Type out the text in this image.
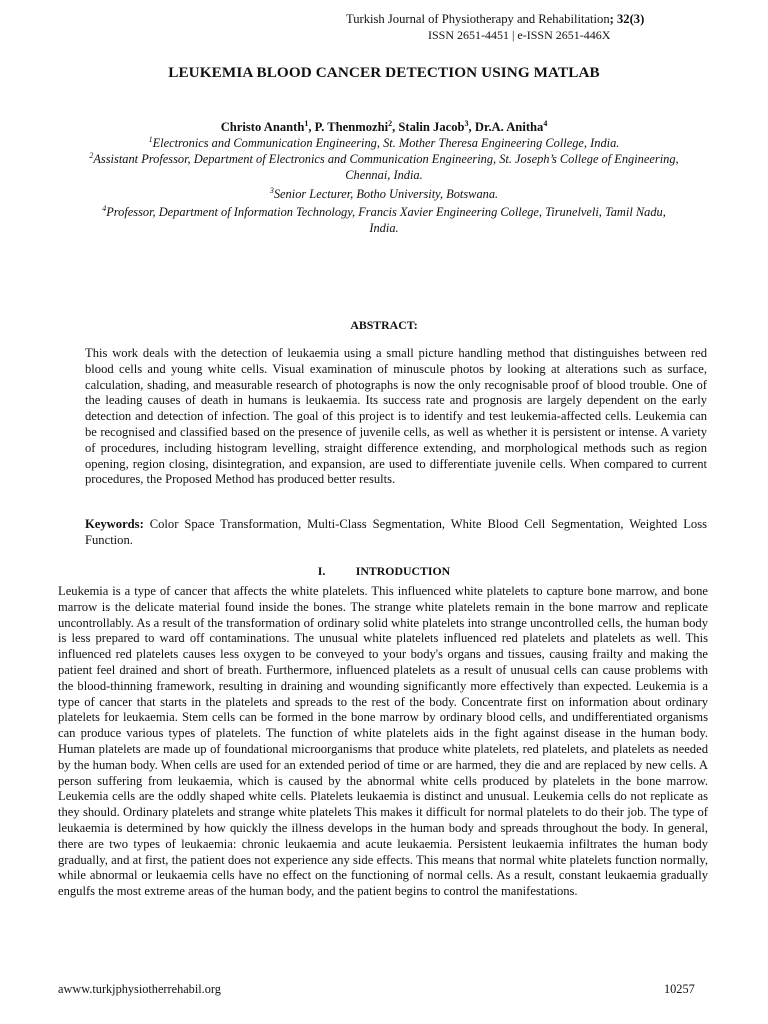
Turkish Journal of Physiotherapy and Rehabilitation; 32(3)
ISSN 2651-4451 | e-ISSN 2651-446X
LEUKEMIA BLOOD CANCER DETECTION USING MATLAB
Christo Ananth$^1$, P. Thenmozhi$^2$, Stalin Jacob$^3$, Dr.A. Anitha$^4$
$^1$Electronics and Communication Engineering, St. Mother Theresa Engineering College, India.
$^2$Assistant Professor, Department of Electronics and Communication Engineering, St. Joseph’s College of Engineering, Chennai, India.
$^3$Senior Lecturer, Botho University, Botswana.
$^4$Professor, Department of Information Technology, Francis Xavier Engineering College, Tirunelveli, Tamil Nadu, India.
ABSTRACT:
This work deals with the detection of leukaemia using a small picture handling method that distinguishes between red blood cells and young white cells. Visual examination of minuscule photos by looking at alterations such as surface, calculation, shading, and measurable research of photographs is now the only recognisable proof of blood trouble. One of the leading causes of death in humans is leukaemia. Its success rate and prognosis are largely dependent on the early detection and detection of infection. The goal of this project is to identify and test leukemia-affected cells. Leukemia can be recognised and classified based on the presence of juvenile cells, as well as whether it is persistent or intense. A variety of procedures, including histogram levelling, straight difference extending, and morphological methods such as region opening, region closing, disintegration, and expansion, are used to differentiate juvenile cells. When compared to current procedures, the Proposed Method has produced better results.
Keywords: Color Space Transformation, Multi-Class Segmentation, White Blood Cell Segmentation, Weighted Loss Function.
I.	INTRODUCTION
Leukemia is a type of cancer that affects the white platelets. This influenced white platelets to capture bone marrow, and bone marrow is the delicate material found inside the bones. The strange white platelets remain in the bone marrow and replicate uncontrollably. As a result of the transformation of ordinary solid white platelets into strange uncontrolled cells, the human body is less prepared to ward off contaminations. The unusual white platelets influenced red platelets and platelets as well. This influenced red platelets causes less oxygen to be conveyed to your body's organs and tissues, causing frailty and making the patient feel drained and short of breath. Furthermore, influenced platelets as a result of unusual cells can cause problems with the blood-thinning framework, resulting in draining and wounding significantly more effectively than expected. Leukemia is a type of cancer that starts in the platelets and spreads to the rest of the body. Concentrate first on information about ordinary platelets for leukaemia. Stem cells can be formed in the bone marrow by ordinary blood cells, and undifferentiated organisms can produce various types of platelets. The function of white platelets aids in the fight against disease in the human body. Human platelets are made up of foundational microorganisms that produce white platelets, red platelets, and platelets as needed by the human body. When cells are used for an extended period of time or are harmed, they die and are replaced by new cells. A person suffering from leukaemia, which is caused by the abnormal white cells produced by platelets in the bone marrow. Leukemia cells are the oddly shaped white cells. Platelets leukaemia is distinct and unusual. Leukemia cells do not replicate as they should. Ordinary platelets and strange white platelets This makes it difficult for normal platelets to do their job. The type of leukaemia is determined by how quickly the illness develops in the human body and spreads throughout the body. In general, there are two types of leukaemia: chronic leukaemia and acute leukaemia. Persistent leukaemia infiltrates the human body gradually, and at first, the patient does not experience any side effects. This means that normal white platelets function normally, while abnormal or leukaemia cells have no effect on the functioning of normal cells. As a result, constant leukaemia gradually engulfs the most extreme areas of the human body, and the patient begins to control the manifestations.
awww.turkjphysiotherrehabil.org	10257
